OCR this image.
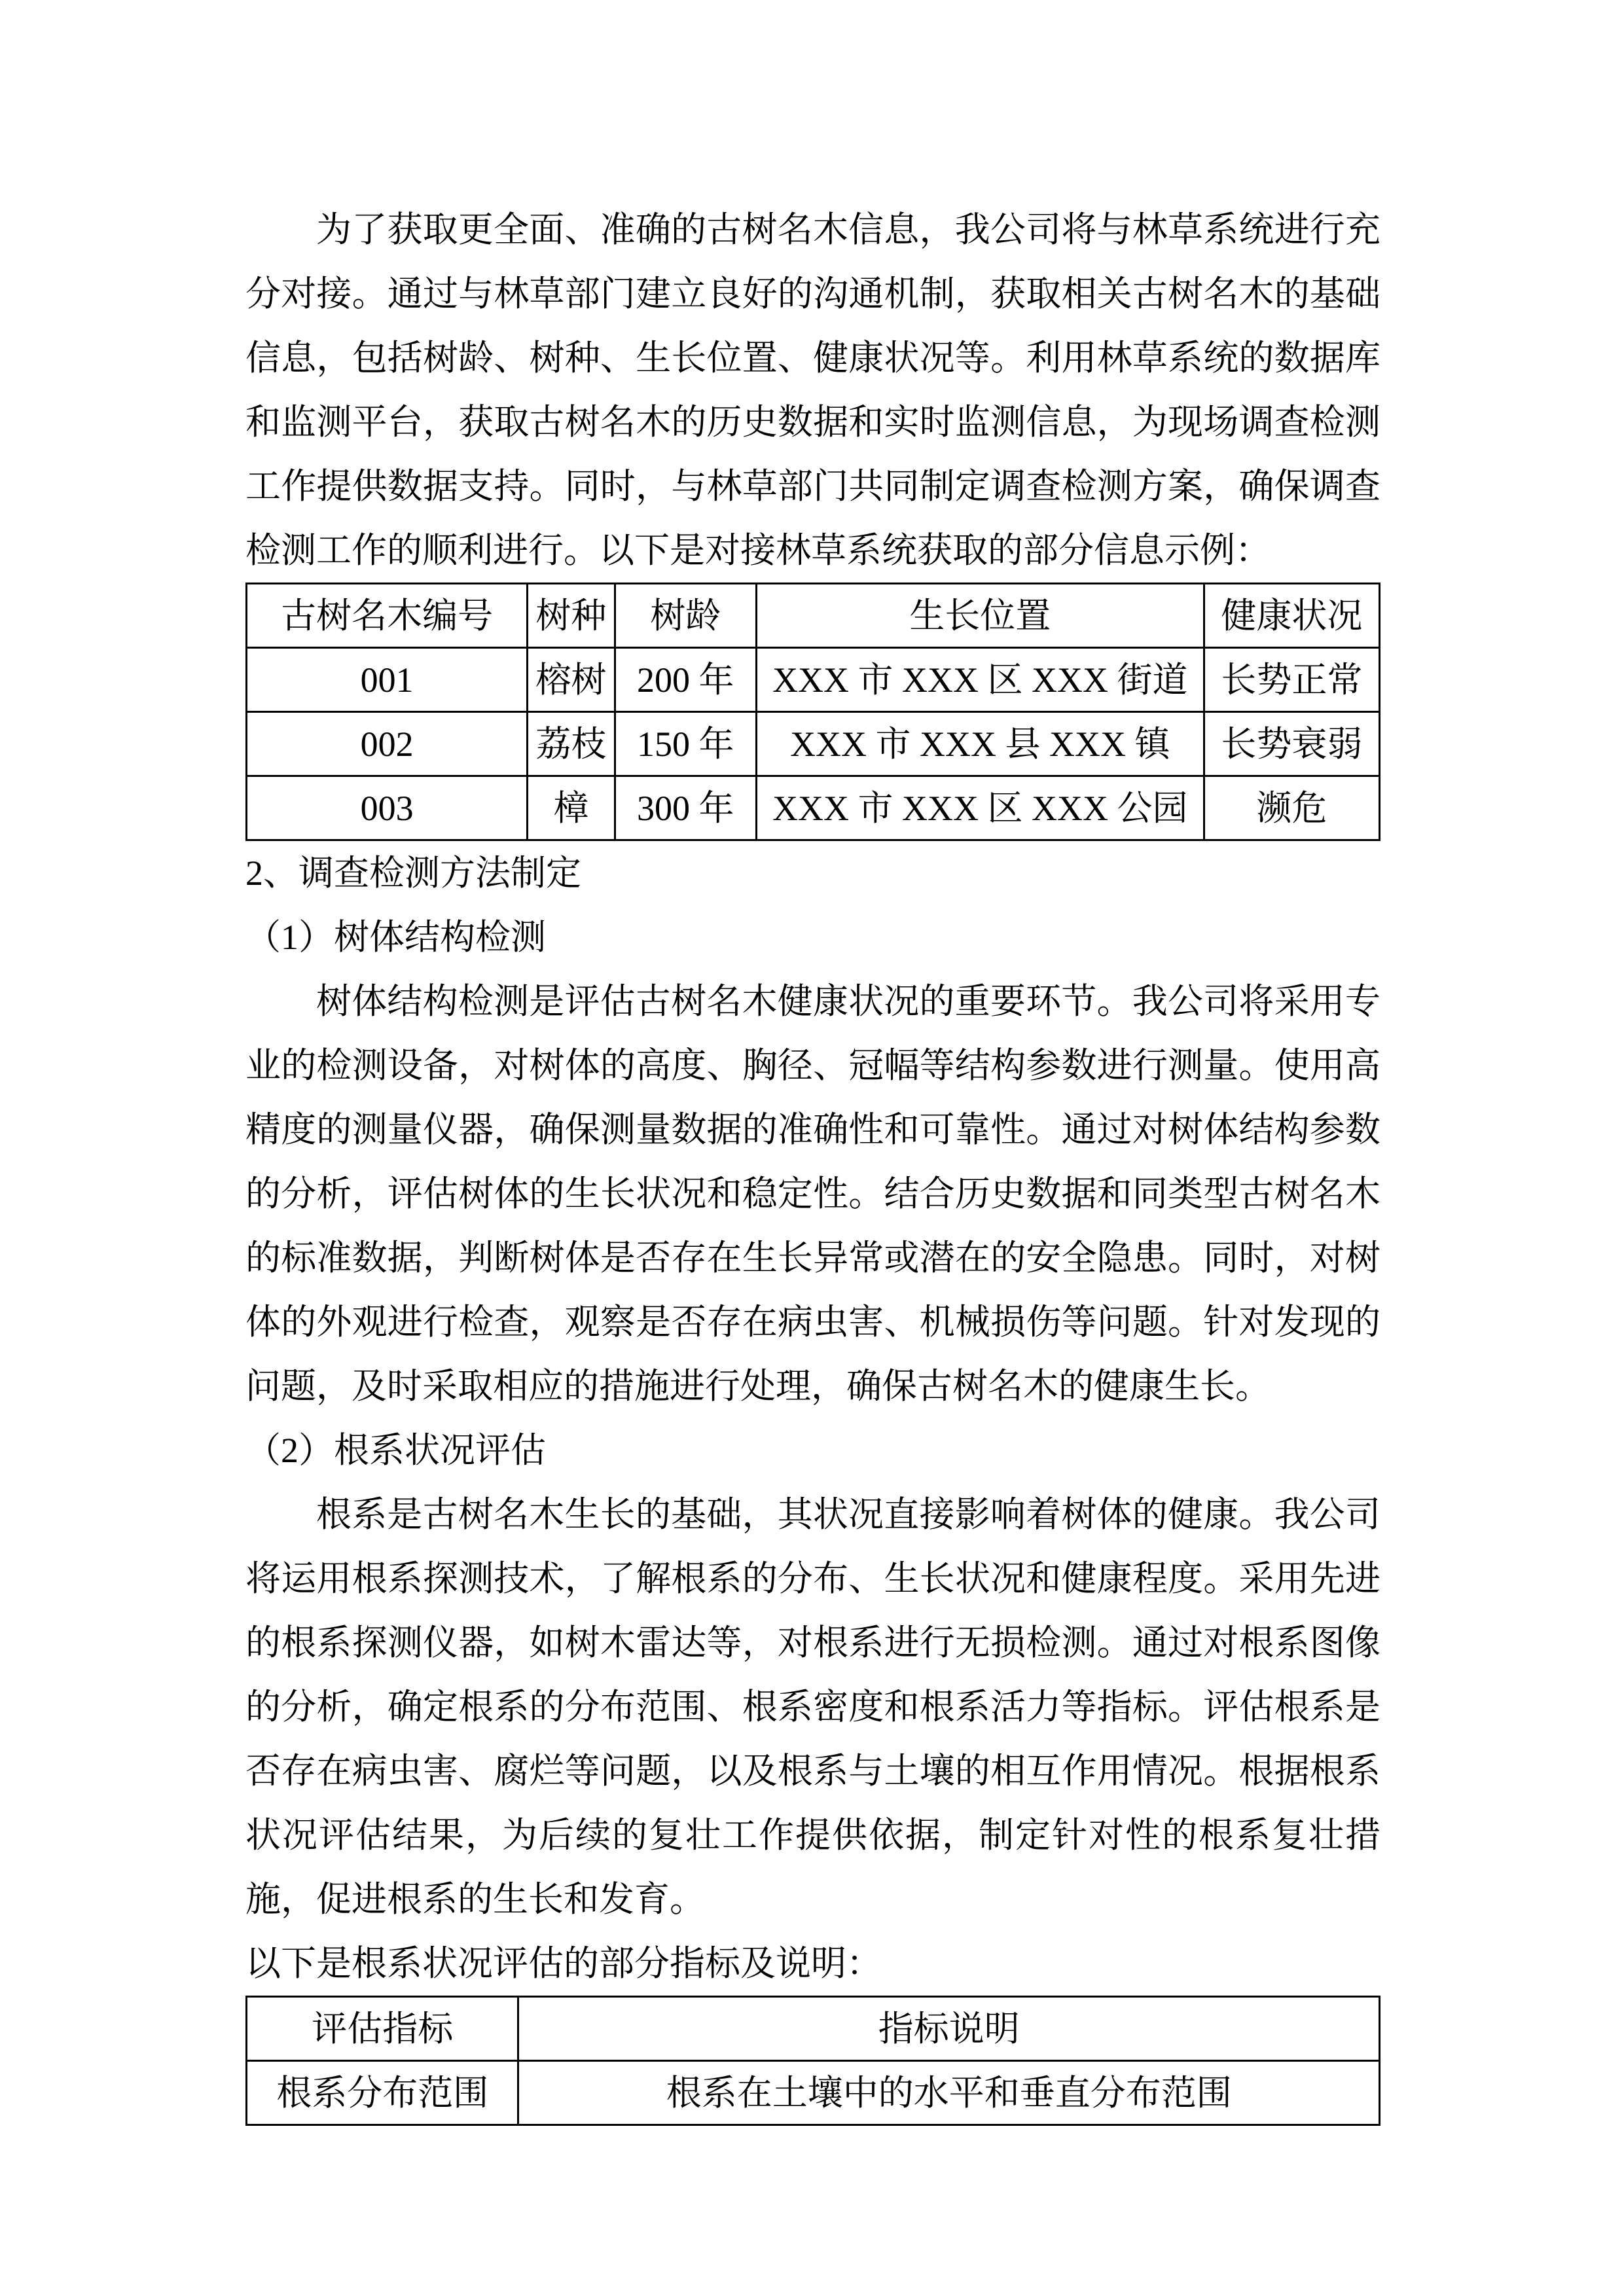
为了获取更全面、准确的古树名木信息，我公司将与林草系统进行充分对接。通过与林草部门建立良好的沟通机制，获取相关古树名木的基础信息，包括树龄、树种、生长位置、健康状况等。利用林草系统的数据库和监测平台，获取古树名木的历史数据和实时监测信息，为现场调查检测工作提供数据支持。同时，与林草部门共同制定调查检测方案，确保调查检测工作的顺利进行。以下是对接林草系统获取的部分信息示例：

古树名木编号	树种	树龄	生长位置	健康状况
001	榕树	200 年	XXX 市 XXX 区 XXX 街道	长势正常
002	荔枝	150 年	XXX 市 XXX 县 XXX 镇	长势衰弱
003	樟	300 年	XXX 市 XXX 区 XXX 公园	濒危

2、调查检测方法制定

（1）树体结构检测

树体结构检测是评估古树名木健康状况的重要环节。我公司将采用专业的检测设备，对树体的高度、胸径、冠幅等结构参数进行测量。使用高精度的测量仪器，确保测量数据的准确性和可靠性。通过对树体结构参数的分析，评估树体的生长状况和稳定性。结合历史数据和同类型古树名木的标准数据，判断树体是否存在生长异常或潜在的安全隐患。同时，对树体的外观进行检查，观察是否存在病虫害、机械损伤等问题。针对发现的问题，及时采取相应的措施进行处理，确保古树名木的健康生长。

（2）根系状况评估

根系是古树名木生长的基础，其状况直接影响着树体的健康。我公司将运用根系探测技术，了解根系的分布、生长状况和健康程度。采用先进的根系探测仪器，如树木雷达等，对根系进行无损检测。通过对根系图像的分析，确定根系的分布范围、根系密度和根系活力等指标。评估根系是否存在病虫害、腐烂等问题，以及根系与土壤的相互作用情况。根据根系状况评估结果，为后续的复壮工作提供依据，制定针对性的根系复壮措施，促进根系的生长和发育。

以下是根系状况评估的部分指标及说明：

评估指标	指标说明
根系分布范围	根系在土壤中的水平和垂直分布范围
